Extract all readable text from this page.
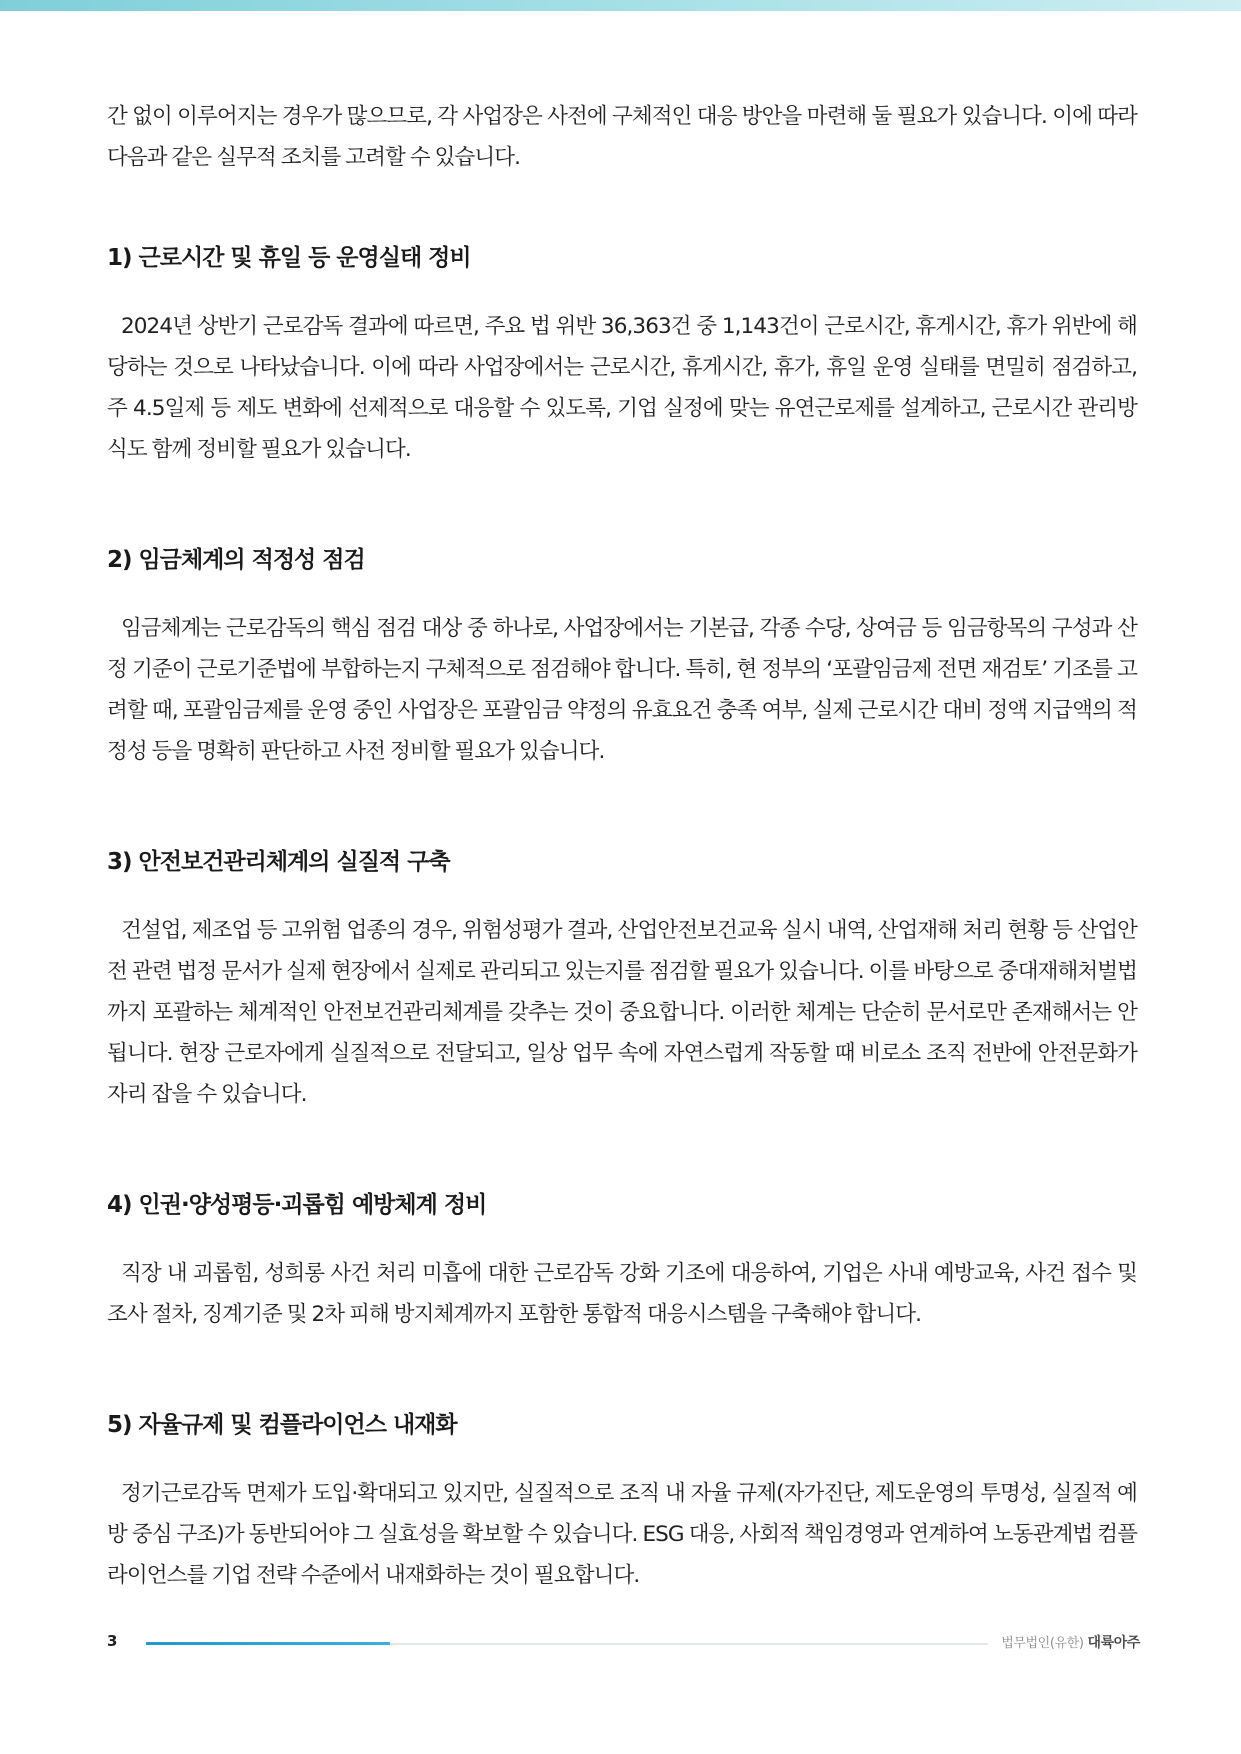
간 없이 이루어지는 경우가 많으므로, 각 사업장은 사전에 구체적인 대응 방안을 마련해 둘 필요가 있습니다. 이에 따라 다음과 같은 실무적 조치를 고려할 수 있습니다.

1) 근로시간 및 휴일 등 운영실태 정비

2024년 상반기 근로감독 결과에 따르면, 주요 법 위반 36,363건 중 1,143건이 근로시간, 휴게시간, 휴가 위반에 해당하는 것으로 나타났습니다. 이에 따라 사업장에서는 근로시간, 휴게시간, 휴가, 휴일 운영 실태를 면밀히 점검하고, 주 4.5일제 등 제도 변화에 선제적으로 대응할 수 있도록, 기업 실정에 맞는 유연근로제를 설계하고, 근로시간 관리방식도 함께 정비할 필요가 있습니다.

2) 임금체계의 적정성 점검

임금체계는 근로감독의 핵심 점검 대상 중 하나로, 사업장에서는 기본급, 각종 수당, 상여금 등 임금항목의 구성과 산정 기준이 근로기준법에 부합하는지 구체적으로 점검해야 합니다. 특히, 현 정부의 ‘포괄임금제 전면 재검토’ 기조를 고려할 때, 포괄임금제를 운영 중인 사업장은 포괄임금 약정의 유효요건 충족 여부, 실제 근로시간 대비 정액 지급액의 적정성 등을 명확히 판단하고 사전 정비할 필요가 있습니다.

3) 안전보건관리체계의 실질적 구축

건설업, 제조업 등 고위험 업종의 경우, 위험성평가 결과, 산업안전보건교육 실시 내역, 산업재해 처리 현황 등 산업안전 관련 법정 문서가 실제 현장에서 실제로 관리되고 있는지를 점검할 필요가 있습니다. 이를 바탕으로 중대재해처벌법까지 포괄하는 체계적인 안전보건관리체계를 갖추는 것이 중요합니다. 이러한 체계는 단순히 문서로만 존재해서는 안 됩니다. 현장 근로자에게 실질적으로 전달되고, 일상 업무 속에 자연스럽게 작동할 때 비로소 조직 전반에 안전문화가 자리 잡을 수 있습니다.

4) 인권·양성평등·괴롭힘 예방체계 정비

직장 내 괴롭힘, 성희롱 사건 처리 미흡에 대한 근로감독 강화 기조에 대응하여, 기업은 사내 예방교육, 사건 접수 및 조사 절차, 징계기준 및 2차 피해 방지체계까지 포함한 통합적 대응시스템을 구축해야 합니다.

5) 자율규제 및 컴플라이언스 내재화

정기근로감독 면제가 도입·확대되고 있지만, 실질적으로 조직 내 자율 규제(자가진단, 제도운영의 투명성, 실질적 예방 중심 구조)가 동반되어야 그 실효성을 확보할 수 있습니다. ESG 대응, 사회적 책임경영과 연계하여 노동관계법 컴플라이언스를 기업 전략 수준에서 내재화하는 것이 필요합니다.

3	법무법인(유한) 대륙아주
